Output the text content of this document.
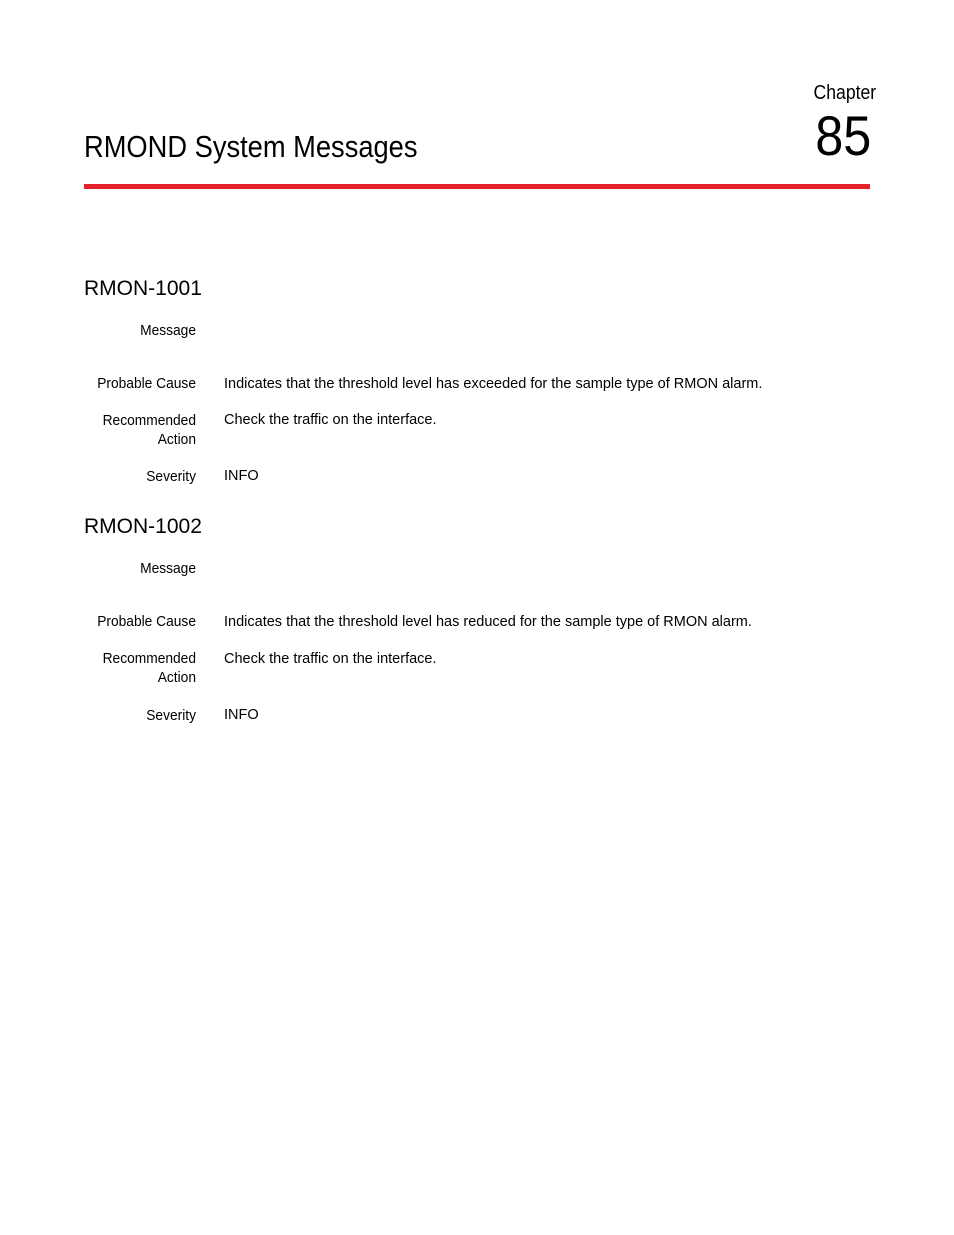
Chapter
85
RMOND System Messages
RMON-1001
Message
Probable Cause Indicates that the threshold level has exceeded for the sample type of RMON alarm.
Recommended
Action
Check the traffic on the interface.
Severity INFO
RMON-1002
Message
Probable Cause Indicates that the threshold level has reduced for the sample type of RMON alarm.
Recommended
Action
Check the traffic on the interface.
Severity INFO
